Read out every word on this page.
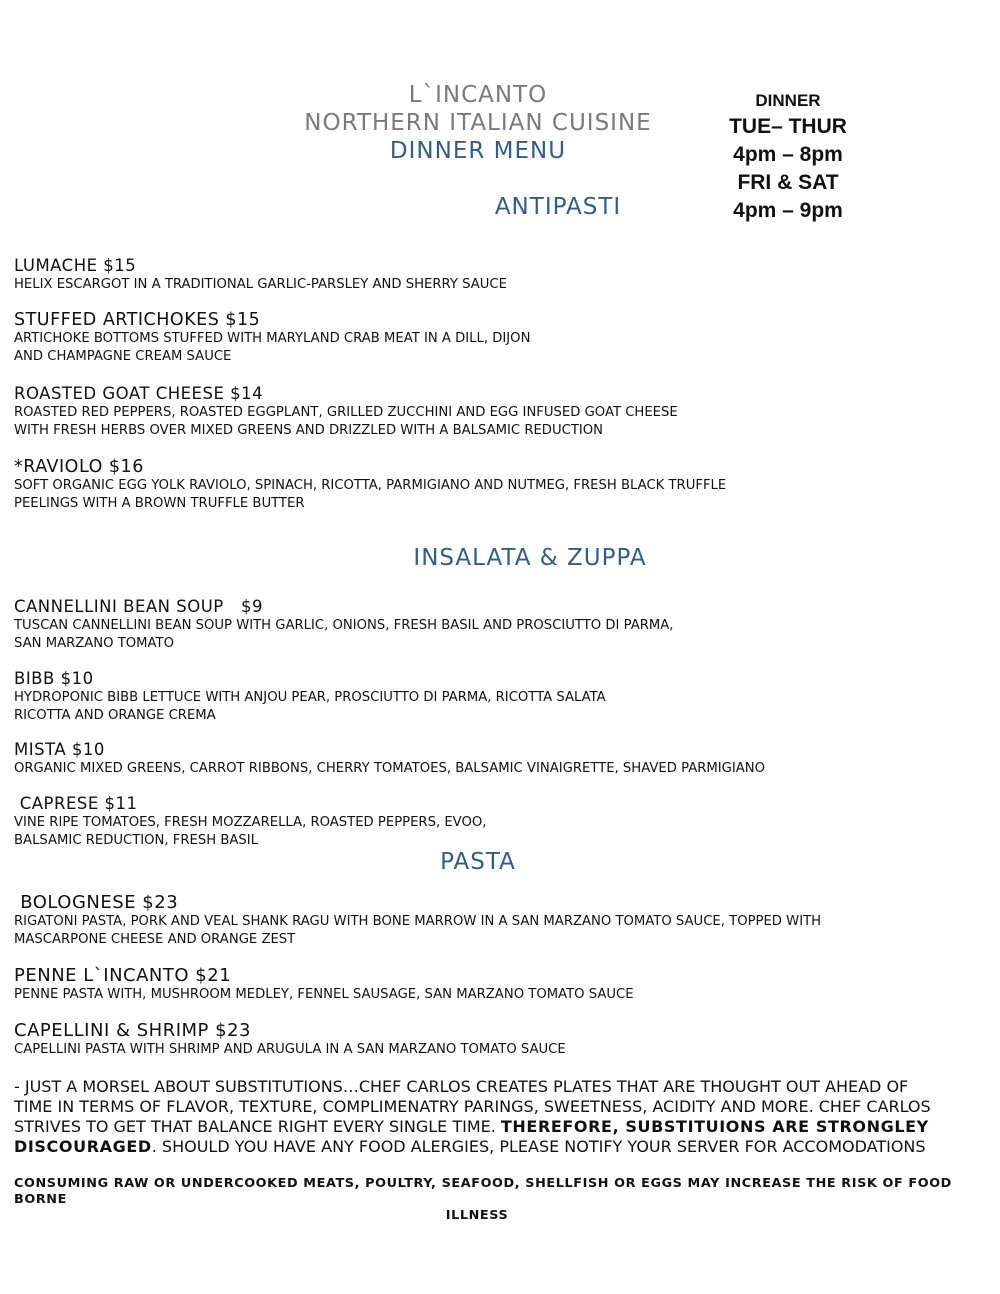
L`INCANTO
NORTHERN ITALIAN CUISINE
DINNER MENU
DINNER
TUE– THUR
4pm – 8pm
FRI & SAT
4pm – 9pm
ANTIPASTI

LUMACHE $15

HELIX ESCARGOT IN A TRADITIONAL GARLIC-PARSLEY AND SHERRY SAUCE

STUFFED ARTICHOKES $15

ARTICHOKE BOTTOMS STUFFED WITH MARYLAND CRAB MEAT IN A DILL, DIJON
AND CHAMPAGNE CREAM SAUCE

ROASTED GOAT CHEESE $14

ROASTED RED PEPPERS, ROASTED EGGPLANT, GRILLED ZUCCHINI AND EGG INFUSED GOAT CHEESE
WITH FRESH HERBS OVER MIXED GREENS AND DRIZZLED WITH A BALSAMIC REDUCTION

*RAVIOLO $16

SOFT ORGANIC EGG YOLK RAVIOLO, SPINACH, RICOTTA, PARMIGIANO AND NUTMEG, FRESH BLACK TRUFFLE
PEELINGS WITH A BROWN TRUFFLE BUTTER

INSALATA & ZUPPA

CANNELLINI BEAN SOUP   $9

TUSCAN CANNELLINI BEAN SOUP WITH GARLIC, ONIONS, FRESH BASIL AND PROSCIUTTO DI PARMA,
SAN MARZANO TOMATO

BIBB $10

HYDROPONIC BIBB LETTUCE WITH ANJOU PEAR, PROSCIUTTO DI PARMA, RICOTTA SALATA
RICOTTA AND ORANGE CREMA

MISTA $10

ORGANIC MIXED GREENS, CARROT RIBBONS, CHERRY TOMATOES, BALSAMIC VINAIGRETTE, SHAVED PARMIGIANO

CAPRESE $11

VINE RIPE TOMATOES, FRESH MOZZARELLA, ROASTED PEPPERS, EVOO,
BALSAMIC REDUCTION, FRESH BASIL

PASTA

BOLOGNESE $23

RIGATONI PASTA, PORK AND VEAL SHANK RAGU WITH BONE MARROW IN A SAN MARZANO TOMATO SAUCE, TOPPED WITH
MASCARPONE CHEESE AND ORANGE ZEST

PENNE L`INCANTO $21

PENNE PASTA WITH, MUSHROOM MEDLEY, FENNEL SAUSAGE, SAN MARZANO TOMATO SAUCE

CAPELLINI & SHRIMP $23

CAPELLINI PASTA WITH SHRIMP AND ARUGULA IN A SAN MARZANO TOMATO SAUCE

- JUST A MORSEL ABOUT SUBSTITUTIONS…CHEF CARLOS CREATES PLATES THAT ARE THOUGHT OUT AHEAD OF TIME IN TERMS OF FLAVOR, TEXTURE, COMPLIMENATRY PARINGS, SWEETNESS, ACIDITY AND MORE. CHEF CARLOS STRIVES TO GET THAT BALANCE RIGHT EVERY SINGLE TIME. THEREFORE, SUBSTITUIONS ARE STRONGLEY DISCOURAGED. SHOULD YOU HAVE ANY FOOD ALERGIES, PLEASE NOTIFY YOUR SERVER FOR ACCOMODATIONS
CONSUMING RAW OR UNDERCOOKED MEATS, POULTRY, SEAFOOD, SHELLFISH OR EGGS MAY INCREASE THE RISK OF FOOD BORNE
ILLNESS
